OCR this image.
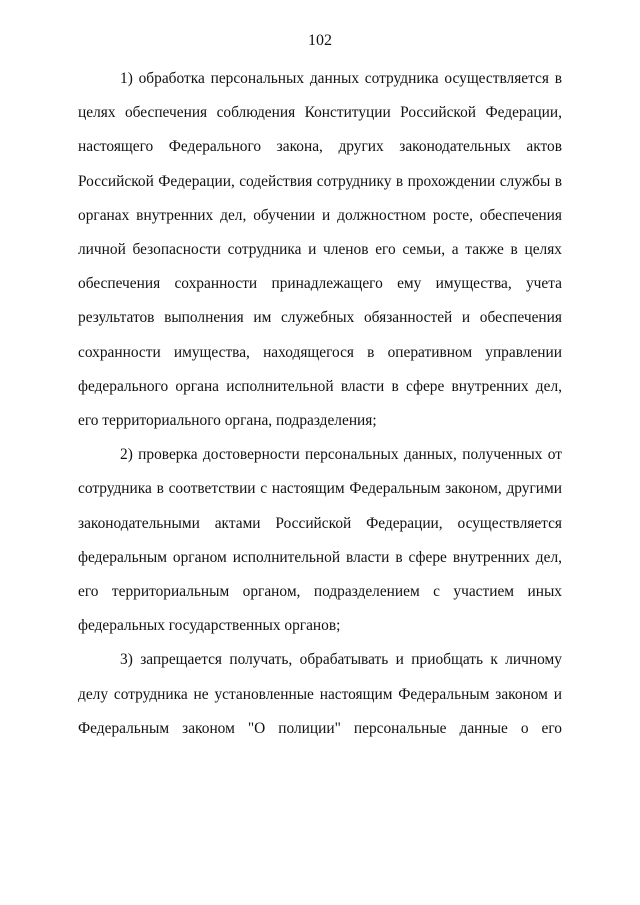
102

1) обработка персональных данных сотрудника осуществляется в целях обеспечения соблюдения Конституции Российской Федерации, настоящего Федерального закона, других законодательных актов Российской Федерации, содействия сотруднику в прохождении службы в органах внутренних дел, обучении и должностном росте, обеспечения личной безопасности сотрудника и членов его семьи, а также в целях обеспечения сохранности принадлежащего ему имущества, учета результатов выполнения им служебных обязанностей и обеспечения сохранности имущества, находящегося в оперативном управлении федерального органа исполнительной власти в сфере внутренних дел, его территориального органа, подразделения;

2) проверка достоверности персональных данных, полученных от сотрудника в соответствии с настоящим Федеральным законом, другими законодательными актами Российской Федерации, осуществляется федеральным органом исполнительной власти в сфере внутренних дел, его территориальным органом, подразделением с участием иных федеральных государственных органов;

3) запрещается получать, обрабатывать и приобщать к личному делу сотрудника не установленные настоящим Федеральным законом и Федеральным законом "О полиции" персональные данные о его
